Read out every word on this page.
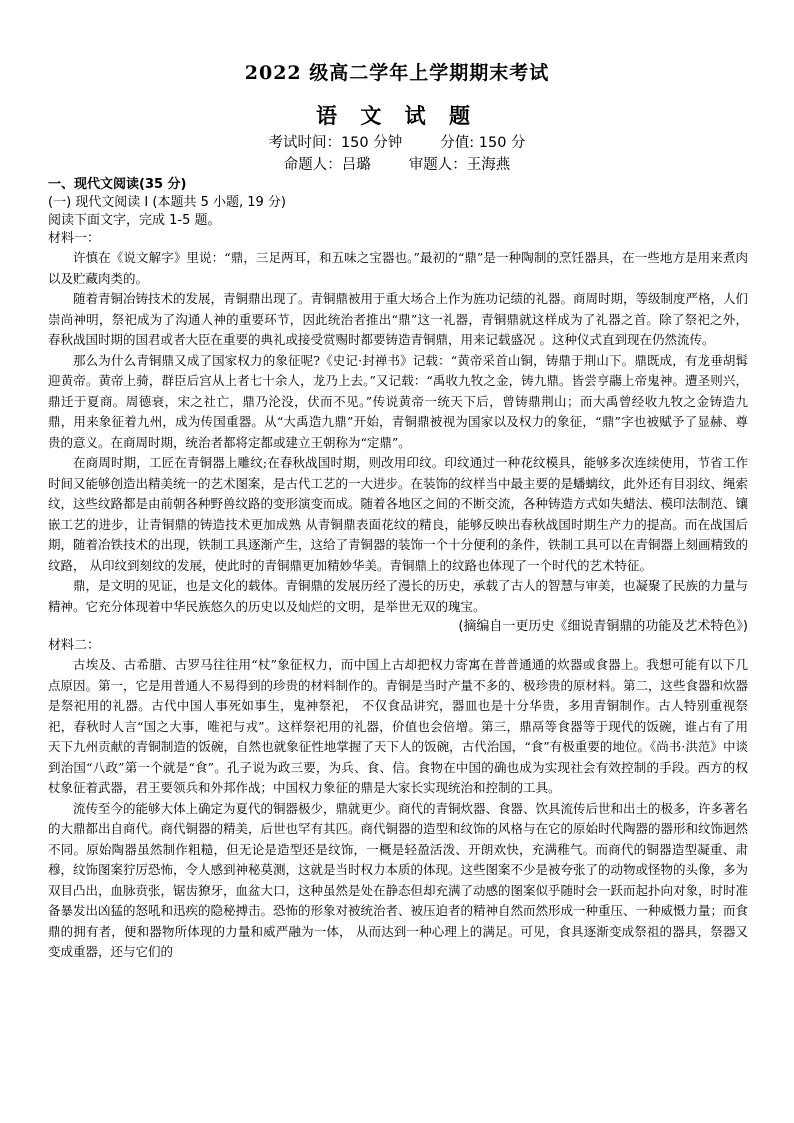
2022 级高二学年上学期期末考试
语 文 试 题
考试时间：150 分钟	分值: 150 分
命题人：吕璐	审题人：王海燕
一、现代文阅读(35 分)
(一) 现代文阅读 I (本题共 5 小题, 19 分)
阅读下面文字，完成 1-5 题。
材料一：

许慎在《说文解字》里说：“鼎，三足两耳，和五味之宝器也。”最初的“鼎”是一种陶制的烹饪器具，在一些地方是用来煮肉以及贮藏肉类的。

随着青铜冶铸技术的发展，青铜鼎出现了。青铜鼎被用于重大场合上作为旌功记绩的礼器。商周时期，等级制度严格，人们崇尚神明，祭祀成为了沟通人神的重要环节，因此统治者推出“鼎”这一礼器，青铜鼎就这样成为了礼器之首。除了祭祀之外，春秋战国时期的国君或者大臣在重要的典礼或接受赏赐时都要铸造青铜鼎，用来记载盛况 。这种仪式直到现在仍然流传。

那么为什么青铜鼎又成了国家权力的象征呢?《史记·封禅书》记载：“黄帝采首山铜，铸鼎于荆山下。鼎既成，有龙垂胡髯迎黄帝。黄帝上骑，群臣后宫从上者七十余人，龙乃上去。”又记载：“禹收九牧之金，铸九鼎。皆尝亨鬺上帝鬼神。遭圣则兴，鼎迁于夏商。周德衰，宋之社亡，鼎乃沦没，伏而不见。”传说黄帝一统天下后，曾铸鼎荆山；而大禹曾经收九牧之金铸造九鼎，用来象征着九州，成为传国重器。从“大禹造九鼎”开始，青铜鼎被视为国家以及权力的象征，“鼎”字也被赋予了显赫、尊贵的意义。在商周时期，统治者都将定都或建立王朝称为“定鼎”。

在商周时期，工匠在青铜器上雕纹;在春秋战国时期，则改用印纹。印纹通过一种花纹模具，能够多次连续使用，节省工作时间又能够创造出精美统一的艺术图案，是古代工艺的一大进步。在装饰的纹样当中最主要的是蟠螭纹，此外还有目羽纹、绳索纹，这些纹路都是由前朝各种野兽纹路的变形演变而成。随着各地区之间的不断交流，各种铸造方式如失蜡法、模印法制范、镶嵌工艺的进步，让青铜鼎的铸造技术更加成熟 从青铜鼎表面花纹的精良，能够反映出春秋战国时期生产力的提高。而在战国后期，随着冶铁技术的出现，铁制工具逐渐产生，这给了青铜器的装饰一个十分便利的条件，铁制工具可以在青铜器上刻画精致的纹路， 从印纹到刻纹的发展，使此时的青铜鼎更加精妙华美。青铜鼎上的纹路也体现了一个时代的艺术特征。

鼎，是文明的见证，也是文化的载体。青铜鼎的发展历经了漫长的历史，承载了古人的智慧与审美，也凝聚了民族的力量与精神。它充分体现着中华民族悠久的历史以及灿烂的文明，是举世无双的瑰宝。

(摘编自一更历史《细说青铜鼎的功能及艺术特色》)

材料二：

古埃及、古希腊、古罗马往往用“杖”象征权力，而中国上古却把权力寄寓在普普通通的炊器或食器上。我想可能有以下几点原因。第一，它是用普通人不易得到的珍贵的材料制作的。青铜是当时产量不多的、极珍贵的原材料。第二，这些食器和炊器是祭祀用的礼器。古代中国人事死如事生，鬼神祭祀， 不仅食品讲究，器皿也是十分华贵，多用青铜制作。古人特别重视祭祀，春秋时人言“国之大事，唯祀与戎”。这样祭祀用的礼器，价值也会倍增。第三，鼎鬲等食器等于现代的饭碗，谁占有了用天下九州贡献的青铜制造的饭碗，自然也就象征性地掌握了天下人的饭碗，古代治国，“食”有极重要的地位。《尚书·洪范》中谈到治国“八政”第一个就是“食”。孔子说为政三要，为兵、食、信。食物在中国的确也成为实现社会有效控制的手段。西方的权杖象征着武器，君王要领兵和外邦作战；中国权力象征的鼎是大家长实现统治和控制的工具。

流传至今的能够大体上确定为夏代的铜器极少，鼎就更少。商代的青铜炊器、食器、饮具流传后世和出土的极多，许多著名的大鼎都出自商代。商代铜器的精美，后世也罕有其匹。商代铜器的造型和纹饰的风格与在它的原始时代陶器的器形和纹饰迥然不同。原始陶器虽然制作粗糙，但无论是造型还是纹饰，一概是轻盈活泼、开朗欢快，充满稚气。而商代的铜器造型凝重、肃穆，纹饰图案狞厉恐怖，令人感到神秘莫测，这就是当时权力本质的体现。这些图案不少是被夸张了的动物或怪物的头像，多为双目凸出，血脉贲张，锯齿獠牙，血盆大口，这种虽然是处在静态但却充满了动感的图案似乎随时会一跃而起扑向对象，时时准备暴发出凶猛的怒吼和迅疾的隐秘搏击。恐怖的形象对被统治者、被压迫者的精神自然而然形成一种重压、一种威慑力量；而食鼎的拥有者，便和器物所体现的力量和威严融为一体， 从而达到一种心理上的满足。可见，食具逐渐变成祭祖的器具，祭器又变成重器，还与它们的
